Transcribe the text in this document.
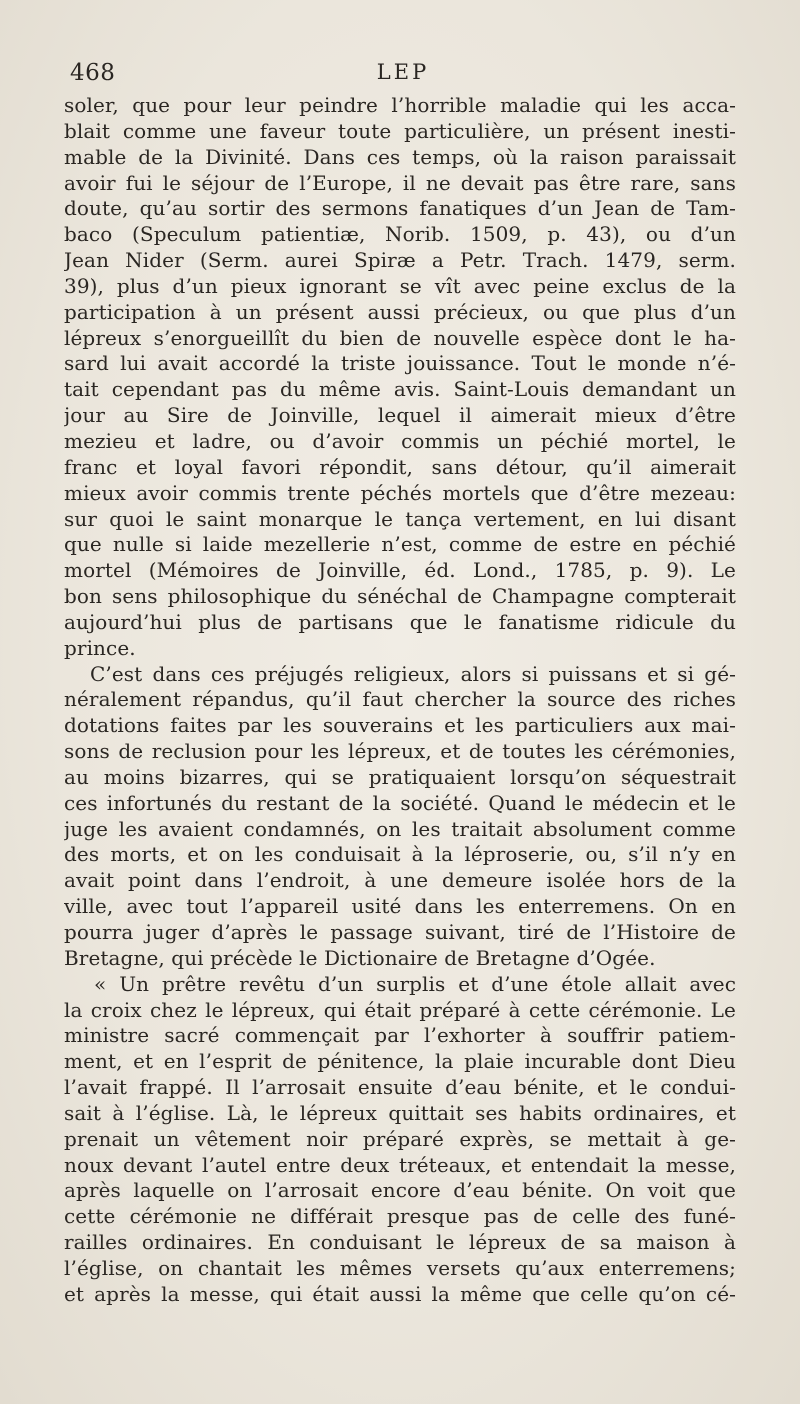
468	LEP
soler, que pour leur peindre l’horrible maladie qui les acca-
blait comme une faveur toute particulière, un présent inesti-
mable de la Divinité. Dans ces temps, où la raison paraissait
avoir fui le séjour de l’Europe, il ne devait pas être rare, sans
doute, qu’au sortir des sermons fanatiques d’un Jean de Tam-
baco (Speculum patientiæ, Norib. 1509, p. 43), ou d’un
Jean Nider (Serm. aurei Spiræ a Petr. Trach. 1479, serm.
39), plus d’un pieux ignorant se vît avec peine exclus de la
participation à un présent aussi précieux, ou que plus d’un
lépreux s’enorgueillît du bien de nouvelle espèce dont le ha-
sard lui avait accordé la triste jouissance. Tout le monde n’é-
tait cependant pas du même avis. Saint-Louis demandant un
jour au Sire de Joinville, lequel il aimerait mieux d’être
mezieu et ladre, ou d’avoir commis un péchié mortel, le
franc et loyal favori répondit, sans détour, qu’il aimerait
mieux avoir commis trente péchés mortels que d’être mezeau:
sur quoi le saint monarque le tança vertement, en lui disant
que nulle si laide mezellerie n’est, comme de estre en péchié
mortel (Mémoires de Joinville, éd. Lond., 1785, p. 9). Le
bon sens philosophique du sénéchal de Champagne compterait
aujourd’hui plus de partisans que le fanatisme ridicule du
prince.
C’est dans ces préjugés religieux, alors si puissans et si gé-
néralement répandus, qu’il faut chercher la source des riches
dotations faites par les souverains et les particuliers aux mai-
sons de reclusion pour les lépreux, et de toutes les cérémonies,
au moins bizarres, qui se pratiquaient lorsqu’on séquestrait
ces infortunés du restant de la société. Quand le médecin et le
juge les avaient condamnés, on les traitait absolument comme
des morts, et on les conduisait à la léproserie, ou, s’il n’y en
avait point dans l’endroit, à une demeure isolée hors de la
ville, avec tout l’appareil usité dans les enterremens. On en
pourra juger d’après le passage suivant, tiré de l’Histoire de
Bretagne, qui précède le Dictionaire de Bretagne d’Ogée.
« Un prêtre revêtu d’un surplis et d’une étole allait avec
la croix chez le lépreux, qui était préparé à cette cérémonie. Le
ministre sacré commençait par l’exhorter à souffrir patiem-
ment, et en l’esprit de pénitence, la plaie incurable dont Dieu
l’avait frappé. Il l’arrosait ensuite d’eau bénite, et le condui-
sait à l’église. Là, le lépreux quittait ses habits ordinaires, et
prenait un vêtement noir préparé exprès, se mettait à ge-
noux devant l’autel entre deux tréteaux, et entendait la messe,
après laquelle on l’arrosait encore d’eau bénite. On voit que
cette cérémonie ne différait presque pas de celle des funé-
railles ordinaires. En conduisant le lépreux de sa maison à
l’église, on chantait les mêmes versets qu’aux enterremens;
et après la messe, qui était aussi la même que celle qu’on cé-
